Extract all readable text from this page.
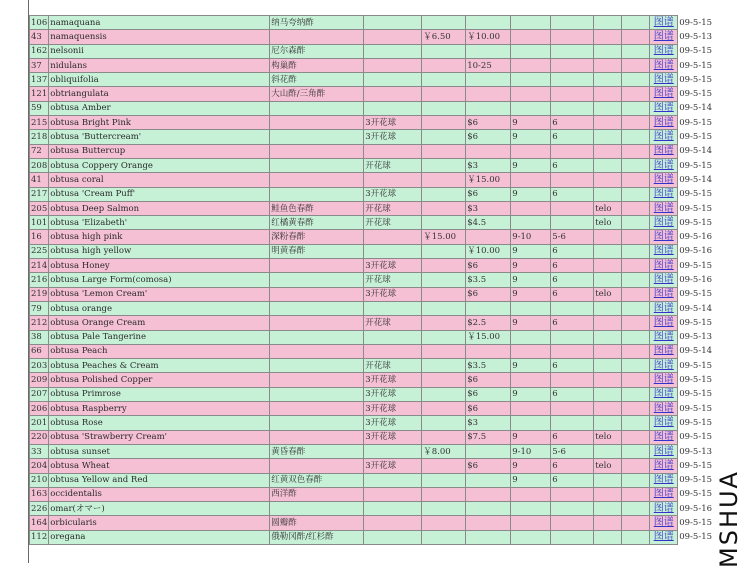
106	namaquana	纳马夸纳酢								图谱	09-5-15
43	namaquensis			￥6.50	￥10.00					图谱	09-5-13
162	nelsonii	尼尔森酢								图谱	09-5-15
37	nidulans	构巢酢			10-25					图谱	09-5-15
137	obliquifolia	斜花酢								图谱	09-5-15
121	obtriangulata	大山酢/三角酢								图谱	09-5-15
59	obtusa Amber									图谱	09-5-14
215	obtusa Bright Pink		3开花球		$6	9	6			图谱	09-5-15
218	obtusa 'Buttercream'		3开花球		$6	9	6			图谱	09-5-15
72	obtusa Buttercup									图谱	09-5-14
208	obtusa Coppery Orange		开花球		$3	9	6			图谱	09-5-15
41	obtusa coral				￥15.00					图谱	09-5-14
217	obtusa 'Cream Puff'		3开花球		$6	9	6			图谱	09-5-15
205	obtusa Deep Salmon	鲑鱼色春酢	开花球		$3			telo		图谱	09-5-15
101	obtusa 'Elizabeth'	红橘黄春酢	开花球		$4.5			telo		图谱	09-5-15
16	obtusa high pink	深粉春酢		￥15.00		9-10	5-6			图谱	09-5-16
225	obtusa high yellow	明黄春酢			￥10.00	9	6			图谱	09-5-16
214	obtusa Honey		3开花球		$6	9	6			图谱	09-5-15
216	obtusa Large Form(comosa)		开花球		$3.5	9	6			图谱	09-5-16
219	obtusa 'Lemon Cream'		3开花球		$6	9	6	telo		图谱	09-5-15
79	obtusa orange									图谱	09-5-14
212	obtusa Orange Cream		开花球		$2.5	9	6			图谱	09-5-15
38	obtusa Pale Tangerine				￥15.00					图谱	09-5-13
66	obtusa Peach									图谱	09-5-14
203	obtusa Peaches & Cream		开花球		$3.5	9	6			图谱	09-5-15
209	obtusa Polished Copper		3开花球		$6					图谱	09-5-15
207	obtusa Primrose		3开花球		$6	9	6			图谱	09-5-15
206	obtusa Raspberry		3开花球		$6					图谱	09-5-15
201	obtusa Rose		3开花球		$3					图谱	09-5-15
220	obtusa 'Strawberry Cream'		3开花球		$7.5	9	6	telo		图谱	09-5-15
33	obtusa sunset	黄昏春酢		￥8.00		9-10	5-6			图谱	09-5-13
204	obtusa Wheat		3开花球		$6	9	6	telo		图谱	09-5-15
210	obtusa Yellow and Red	红黄双色春酢				9	6			图谱	09-5-15
163	occidentalis	西洋酢								图谱	09-5-15
226	omar(オマー)									图谱	09-5-16
164	orbicularis	圆瓣酢								图谱	09-5-15
112	oregana	俄勒冈酢/红杉酢								图谱	09-5-15 MSHUA
